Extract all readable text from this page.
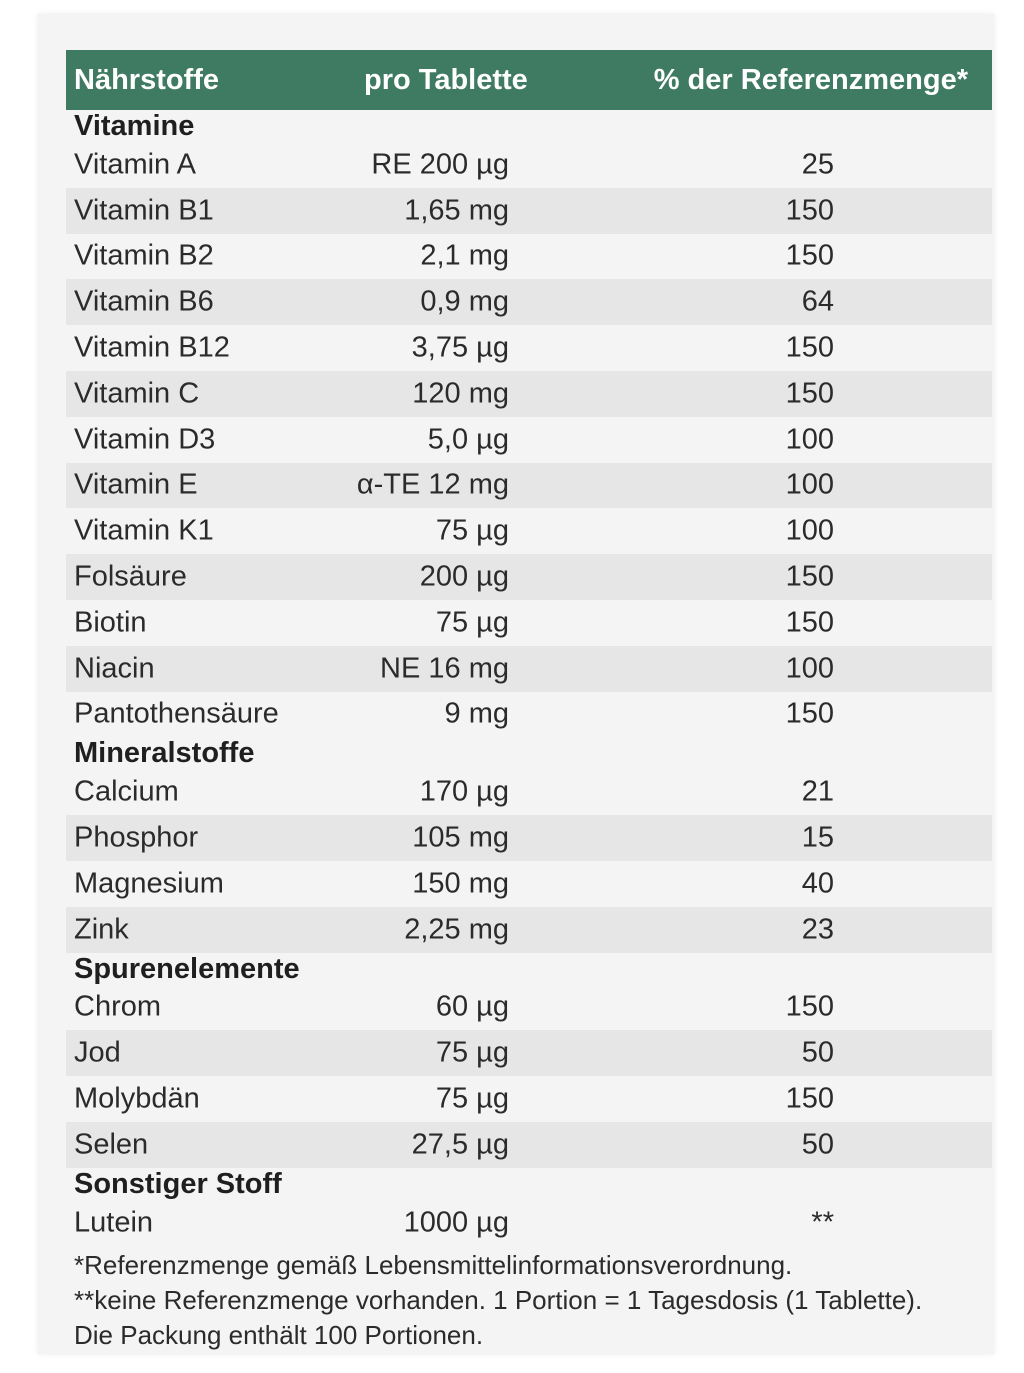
Nährstoffe	pro Tablette	% der Referenzmenge*
Vitamine
Vitamin A	RE 200 µg	25
Vitamin B1	1,65 mg	150
Vitamin B2	2,1 mg	150
Vitamin B6	0,9 mg	64
Vitamin B12	3,75 µg	150
Vitamin C	120 mg	150
Vitamin D3	5,0 µg	100
Vitamin E	α-TE 12 mg	100
Vitamin K1	75 µg	100
Folsäure	200 µg	150
Biotin	75 µg	150
Niacin	NE 16 mg	100
Pantothensäure	9 mg	150
Mineralstoffe
Calcium	170 µg	21
Phosphor	105 mg	15
Magnesium	150 mg	40
Zink	2,25 mg	23
Spurenelemente
Chrom	60 µg	150
Jod	75 µg	50
Molybdän	75 µg	150
Selen	27,5 µg	50
Sonstiger Stoff
Lutein	1000 µg	**
*Referenzmenge gemäß Lebensmittelinformationsverordnung.
**keine Referenzmenge vorhanden. 1 Portion = 1 Tagesdosis (1 Tablette).
Die Packung enthält 100 Portionen.
